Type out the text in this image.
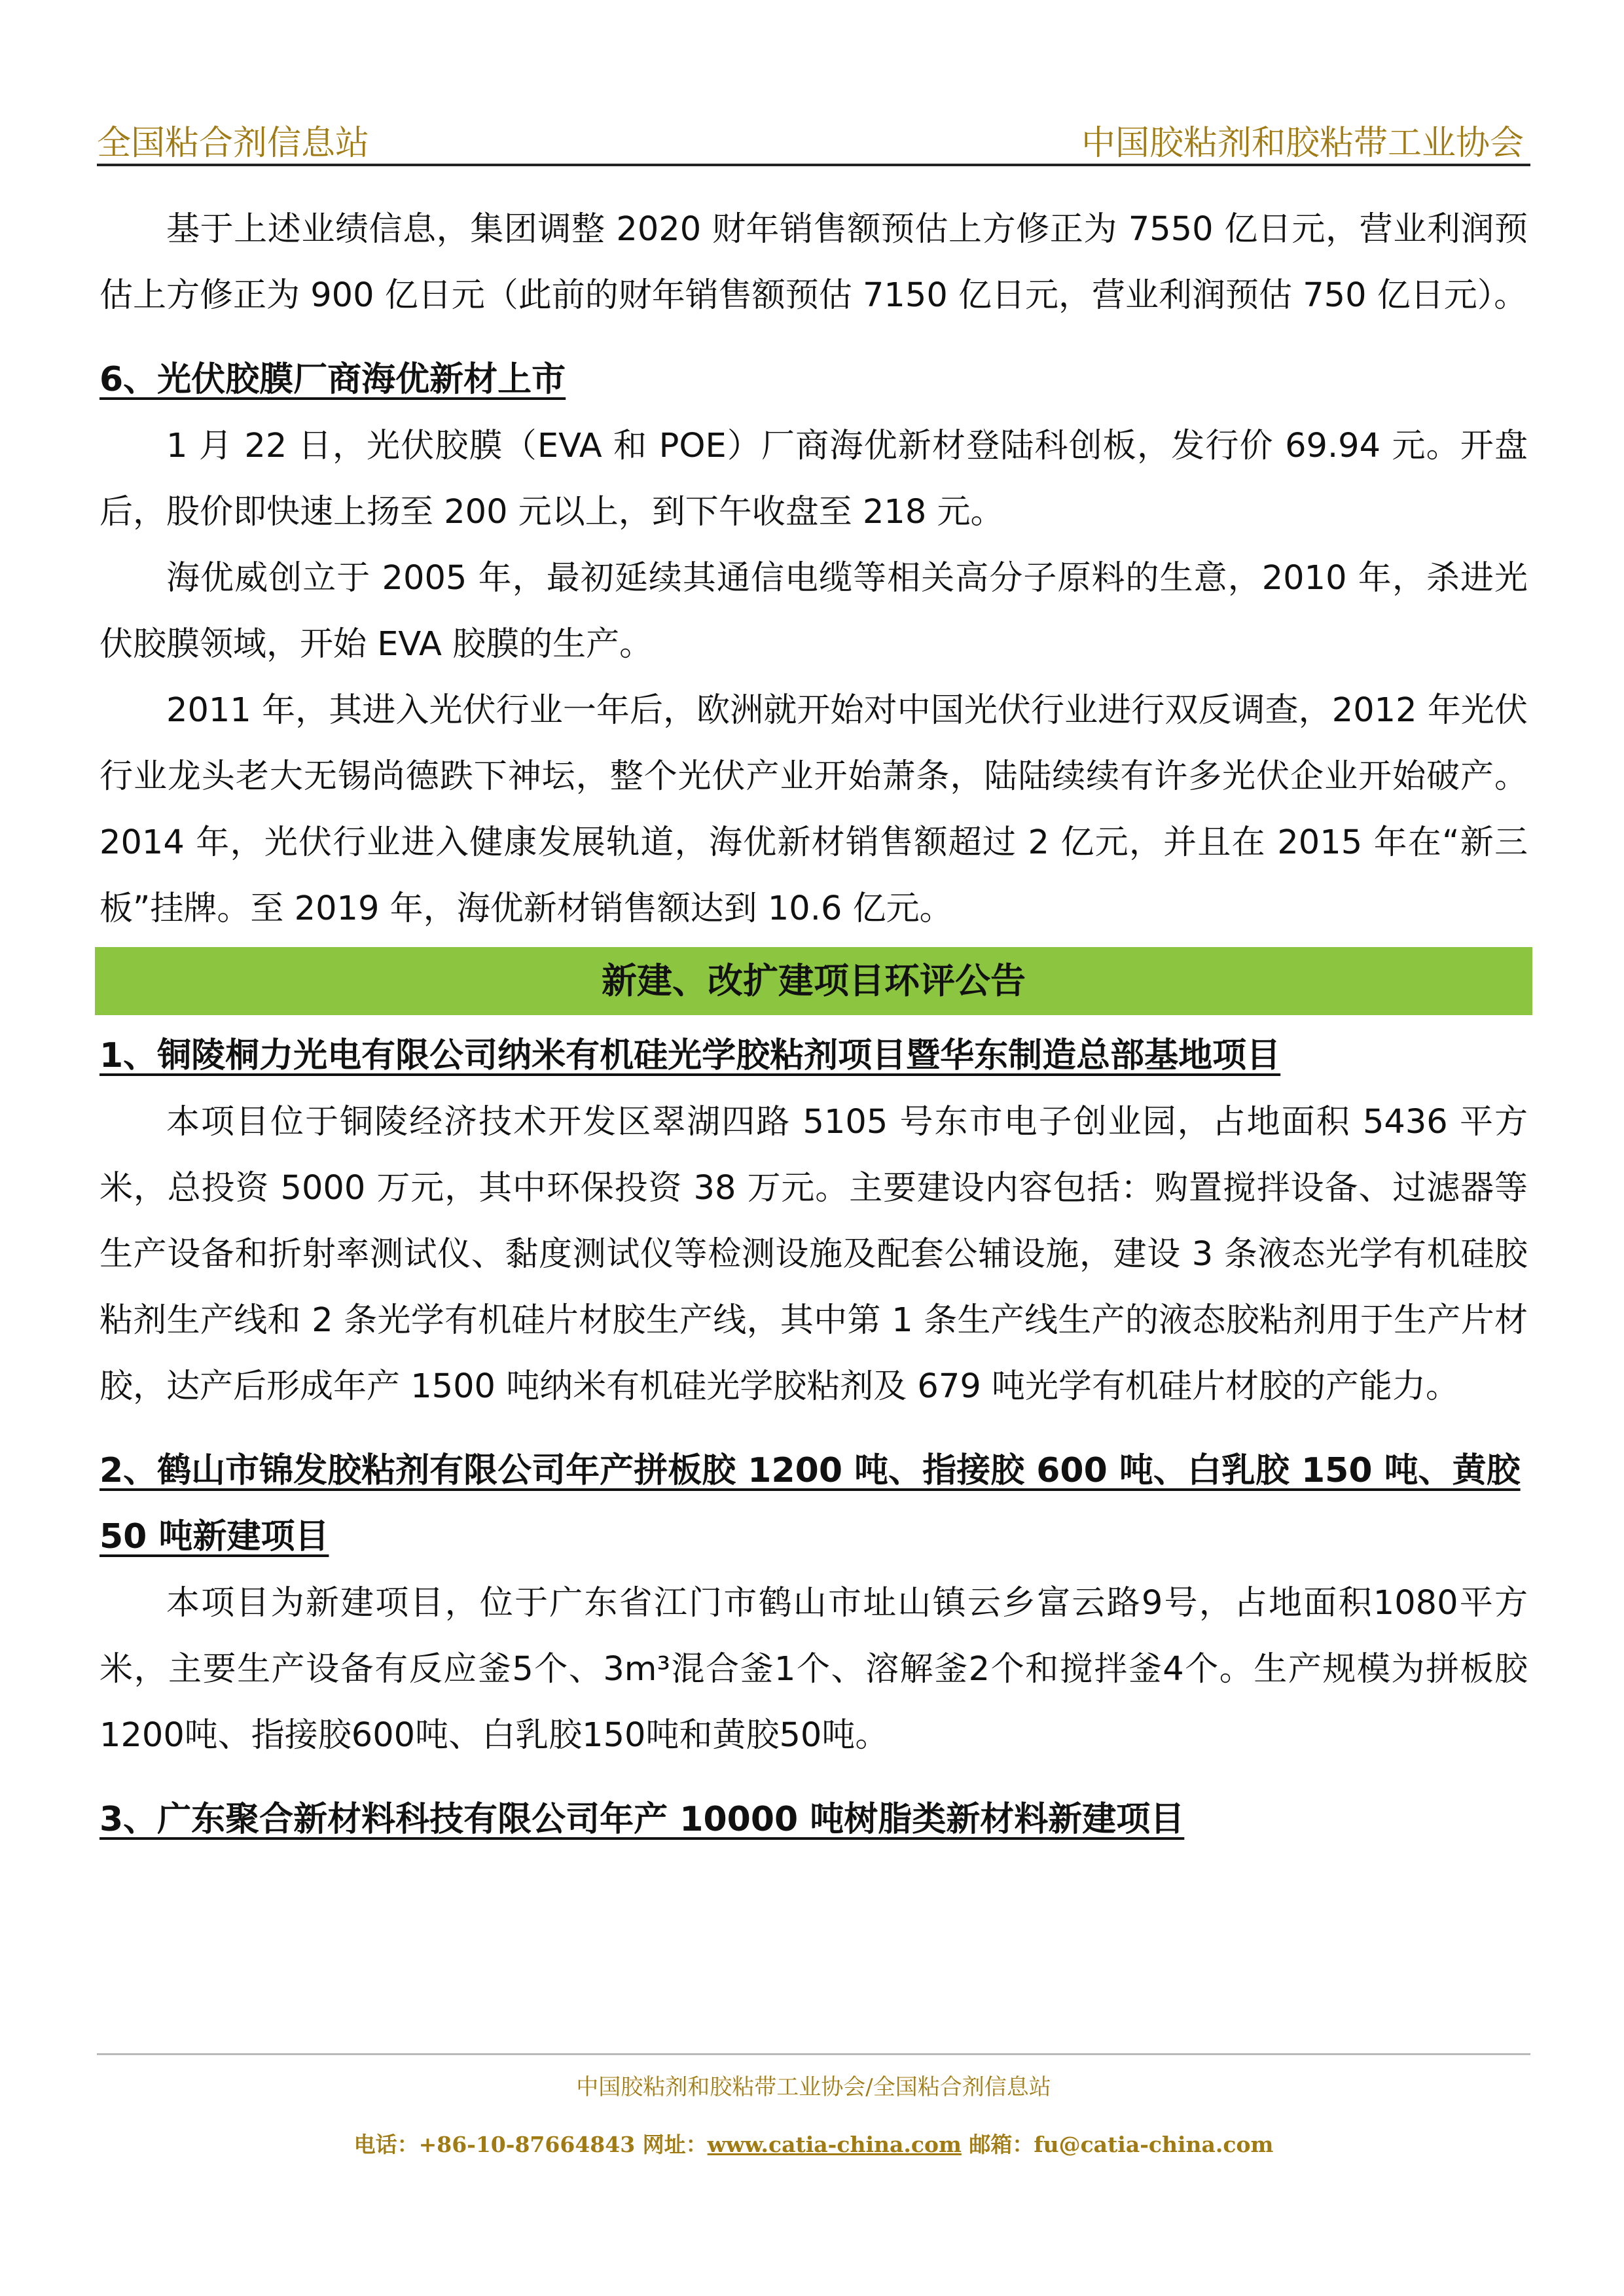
全国粘合剂信息站	中国胶粘剂和胶粘带工业协会

基于上述业绩信息，集团调整 2020 财年销售额预估上方修正为 7550 亿日元，营业利润预估上方修正为 900 亿日元（此前的财年销售额预估 7150 亿日元，营业利润预估 750 亿日元）。

6、光伏胶膜厂商海优新材上市

1 月 22 日，光伏胶膜（EVA 和 POE）厂商海优新材登陆科创板，发行价 69.94 元。开盘后，股价即快速上扬至 200 元以上，到下午收盘至 218 元。

海优威创立于 2005 年，最初延续其通信电缆等相关高分子原料的生意，2010 年，杀进光伏胶膜领域，开始 EVA 胶膜的生产。

2011 年，其进入光伏行业一年后，欧洲就开始对中国光伏行业进行双反调查，2012 年光伏行业龙头老大无锡尚德跌下神坛，整个光伏产业开始萧条，陆陆续续有许多光伏企业开始破产。2014 年，光伏行业进入健康发展轨道，海优新材销售额超过 2 亿元，并且在 2015 年在“新三板”挂牌。至 2019 年，海优新材销售额达到 10.6 亿元。

新建、改扩建项目环评公告

1、铜陵桐力光电有限公司纳米有机硅光学胶粘剂项目暨华东制造总部基地项目

本项目位于铜陵经济技术开发区翠湖四路 5105 号东市电子创业园，占地面积 5436 平方米，总投资 5000 万元，其中环保投资 38 万元。主要建设内容包括：购置搅拌设备、过滤器等生产设备和折射率测试仪、黏度测试仪等检测设施及配套公辅设施，建设 3 条液态光学有机硅胶粘剂生产线和 2 条光学有机硅片材胶生产线，其中第 1 条生产线生产的液态胶粘剂用于生产片材胶，达产后形成年产 1500 吨纳米有机硅光学胶粘剂及 679 吨光学有机硅片材胶的产能力。

2、鹤山市锦发胶粘剂有限公司年产拼板胶 1200 吨、指接胶 600 吨、白乳胶 150 吨、黄胶 50 吨新建项目

本项目为新建项目，位于广东省江门市鹤山市址山镇云乡富云路9号，占地面积1080平方米，主要生产设备有反应釜5个、3m³混合釜1个、溶解釜2个和搅拌釜4个。生产规模为拼板胶1200吨、指接胶600吨、白乳胶150吨和黄胶50吨。

3、广东聚合新材料科技有限公司年产 10000 吨树脂类新材料新建项目

中国胶粘剂和胶粘带工业协会/全国粘合剂信息站
电话：+86-10-87664843 网址：www.catia-china.com 邮箱：fu@catia-china.com
